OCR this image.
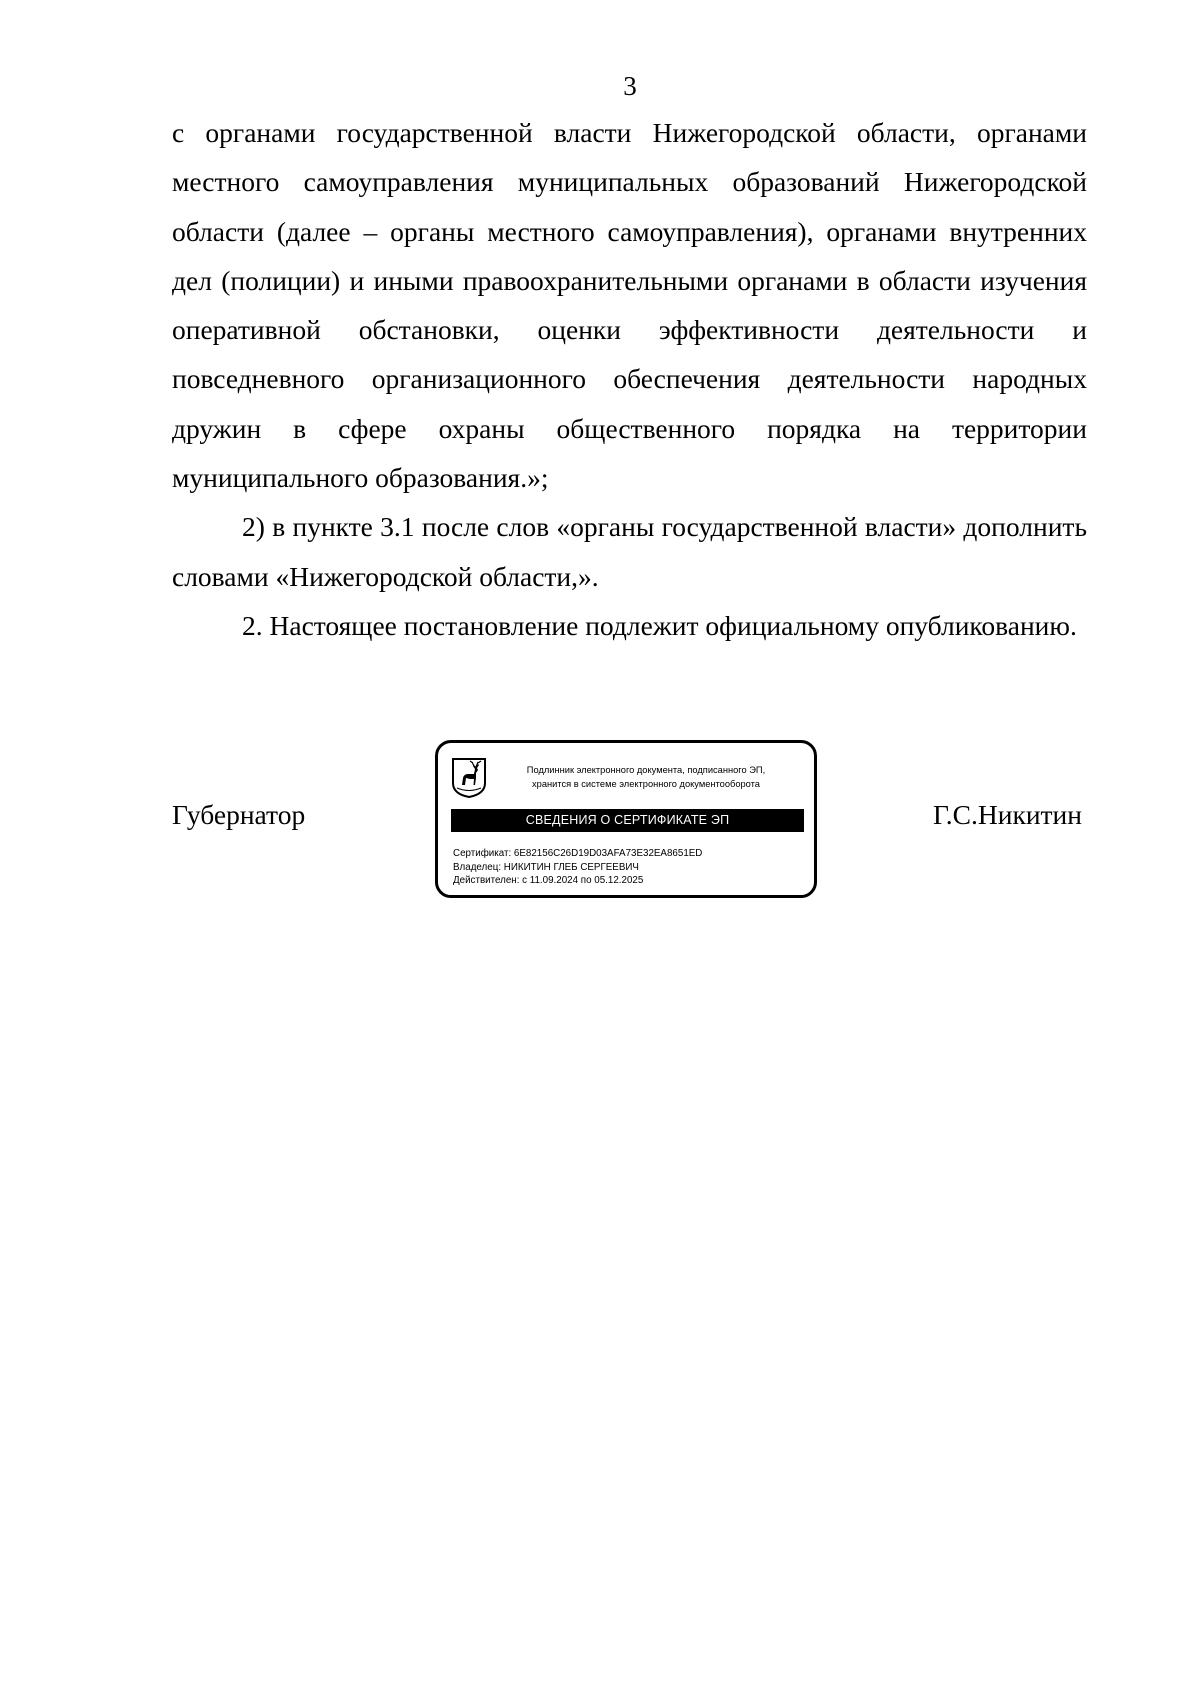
3

с органами государственной власти Нижегородской области, органами местного самоуправления муниципальных образований Нижегородской области (далее – органы местного самоуправления), органами внутренних дел (полиции) и иными правоохранительными органами в области изучения оперативной обстановки, оценки эффективности деятельности и повседневного организационного обеспечения деятельности народных дружин в сфере охраны общественного порядка на территории муниципального образования.»;

2) в пункте 3.1 после слов «органы государственной власти» дополнить словами «Нижегородской области,».

2. Настоящее постановление подлежит официальному опубликованию.

Губернатор	Г.С.Никитин
Подлинник электронного документа, подписанного ЭП,
хранится в системе электронного документооборота
СВЕДЕНИЯ О СЕРТИФИКАТЕ ЭП
Сертификат: 6E82156C26D19D03AFA73E32EA8651ED
Владелец: НИКИТИН ГЛЕБ СЕРГЕЕВИЧ
Действителен: с 11.09.2024 по 05.12.2025
